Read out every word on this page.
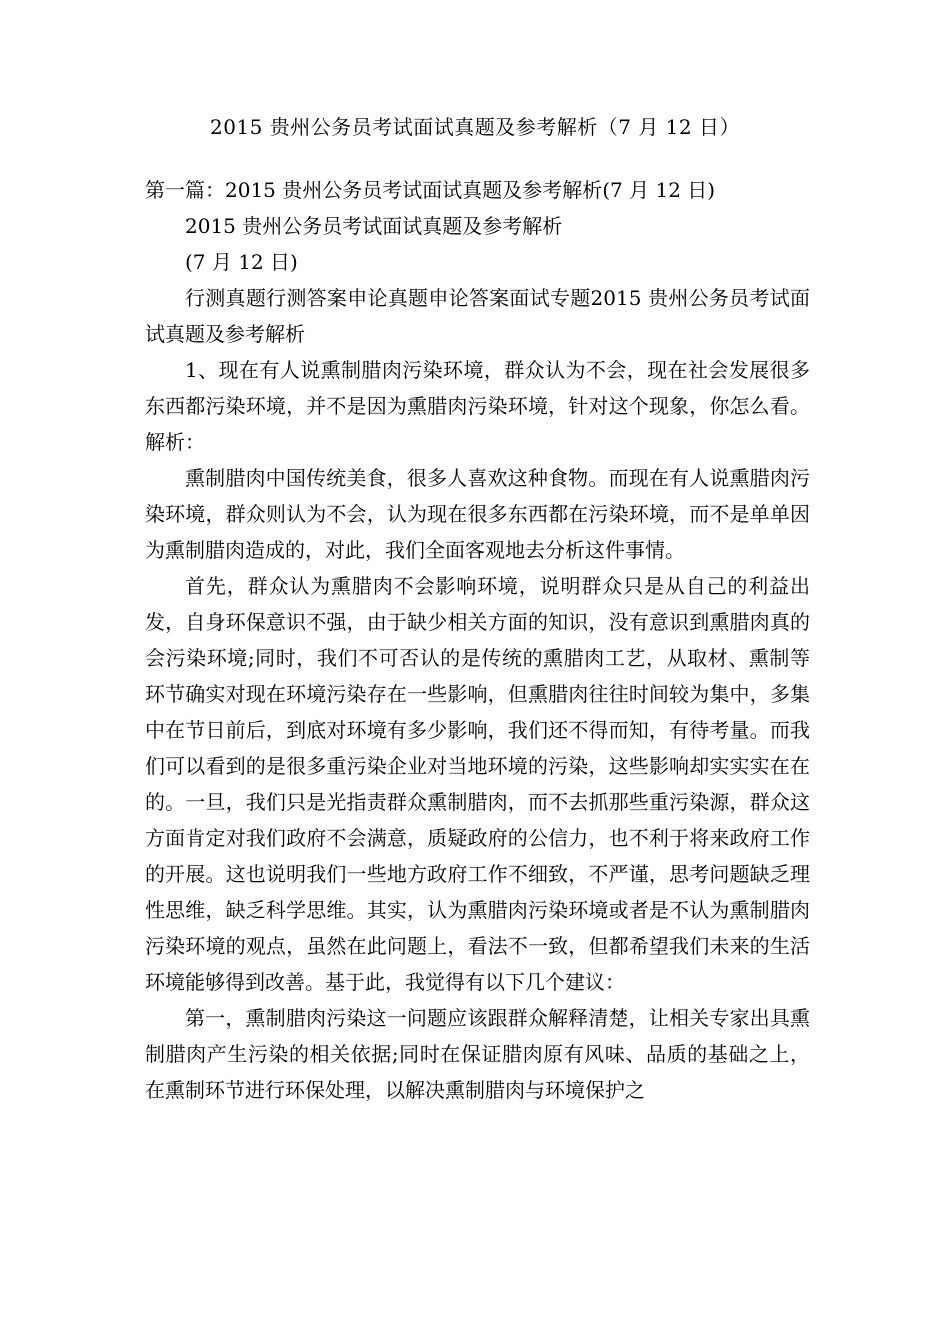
2015 贵州公务员考试面试真题及参考解析（7 月 12 日）

第一篇：2015 贵州公务员考试面试真题及参考解析(7 月 12 日)

2015 贵州公务员考试面试真题及参考解析

(7 月 12 日)

行测真题行测答案申论真题申论答案面试专题2015 贵州公务员考试面试真题及参考解析

1、现在有人说熏制腊肉污染环境，群众认为不会，现在社会发展很多东西都污染环境，并不是因为熏腊肉污染环境，针对这个现象，你怎么看。解析：

熏制腊肉中国传统美食，很多人喜欢这种食物。而现在有人说熏腊肉污染环境，群众则认为不会，认为现在很多东西都在污染环境，而不是单单因为熏制腊肉造成的，对此，我们全面客观地去分析这件事情。

首先，群众认为熏腊肉不会影响环境，说明群众只是从自己的利益出发，自身环保意识不强，由于缺少相关方面的知识，没有意识到熏腊肉真的会污染环境;同时，我们不可否认的是传统的熏腊肉工艺，从取材、熏制等环节确实对现在环境污染存在一些影响，但熏腊肉往往时间较为集中，多集中在节日前后，到底对环境有多少影响，我们还不得而知，有待考量。而我们可以看到的是很多重污染企业对当地环境的污染，这些影响却实实实在在的。一旦，我们只是光指责群众熏制腊肉，而不去抓那些重污染源，群众这方面肯定对我们政府不会满意，质疑政府的公信力，也不利于将来政府工作的开展。这也说明我们一些地方政府工作不细致，不严谨，思考问题缺乏理性思维，缺乏科学思维。其实，认为熏腊肉污染环境或者是不认为熏制腊肉污染环境的观点，虽然在此问题上，看法不一致，但都希望我们未来的生活环境能够得到改善。基于此，我觉得有以下几个建议：

第一，熏制腊肉污染这一问题应该跟群众解释清楚，让相关专家出具熏制腊肉产生污染的相关依据;同时在保证腊肉原有风味、品质的基础之上，在熏制环节进行环保处理，以解决熏制腊肉与环境保护之
